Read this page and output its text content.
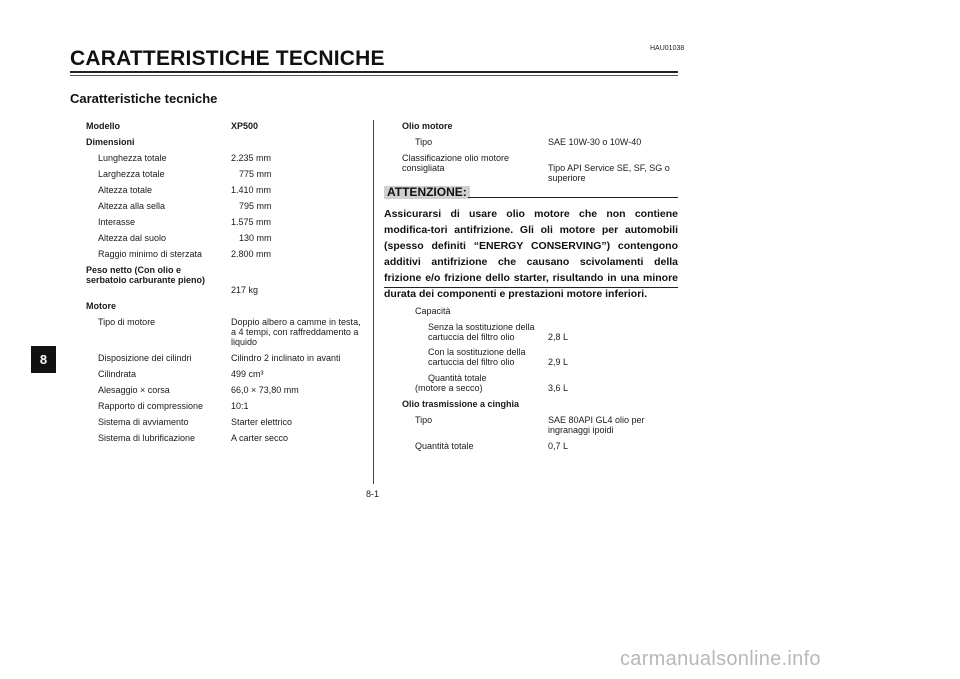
HAU01038
CARATTERISTICHE TECNICHE
Caratteristiche tecniche
8
Modello	XP500
Dimensioni
Lunghezza totale	2.235 mm
Larghezza totale	775 mm
Altezza totale	1.410 mm
Altezza alla sella	795 mm
Interasse	1.575 mm
Altezza dal suolo	130 mm
Raggio minimo di sterzata	2.800 mm
Peso netto (Con olio e
serbatoio carburante pieno)
217 kg
Motore
Tipo di motore	Doppio albero a camme in testa,
a 4 tempi, con raffreddamento a
liquido
Disposizione dei cilindri	Cilindro 2 inclinato in avanti
Cilindrata	499 cm³
Alesaggio × corsa	66,0 × 73,80 mm
Rapporto di compressione	10:1
Sistema di avviamento	Starter elettrico
Sistema di lubrificazione	A carter secco
Olio motore
Tipo	SAE 10W-30 o 10W-40
Classificazione olio motore
consigliata	Tipo API Service SE, SF, SG o
superiore
ATTENZIONE:
Assicurarsi di usare olio motore che non contiene modifica-tori antifrizione. Gli oli motore per automobili (spesso definiti “ENERGY CONSERVING”) contengono additivi antifrizione che causano scivolamenti della frizione e/o frizione dello starter, risultando in una minore durata dei componenti e prestazioni motore inferiori.
Capacità
Senza la sostituzione della
cartuccia del filtro olio	2,8 L
Con la sostituzione della
cartuccia del filtro olio	2,9 L
Quantità totale
(motore a secco)	3,6 L
Olio trasmissione a cinghia
Tipo	SAE 80API GL4 olio per
ingranaggi ipoidi
Quantità totale	0,7 L
8-1
carmanualsonline.info
